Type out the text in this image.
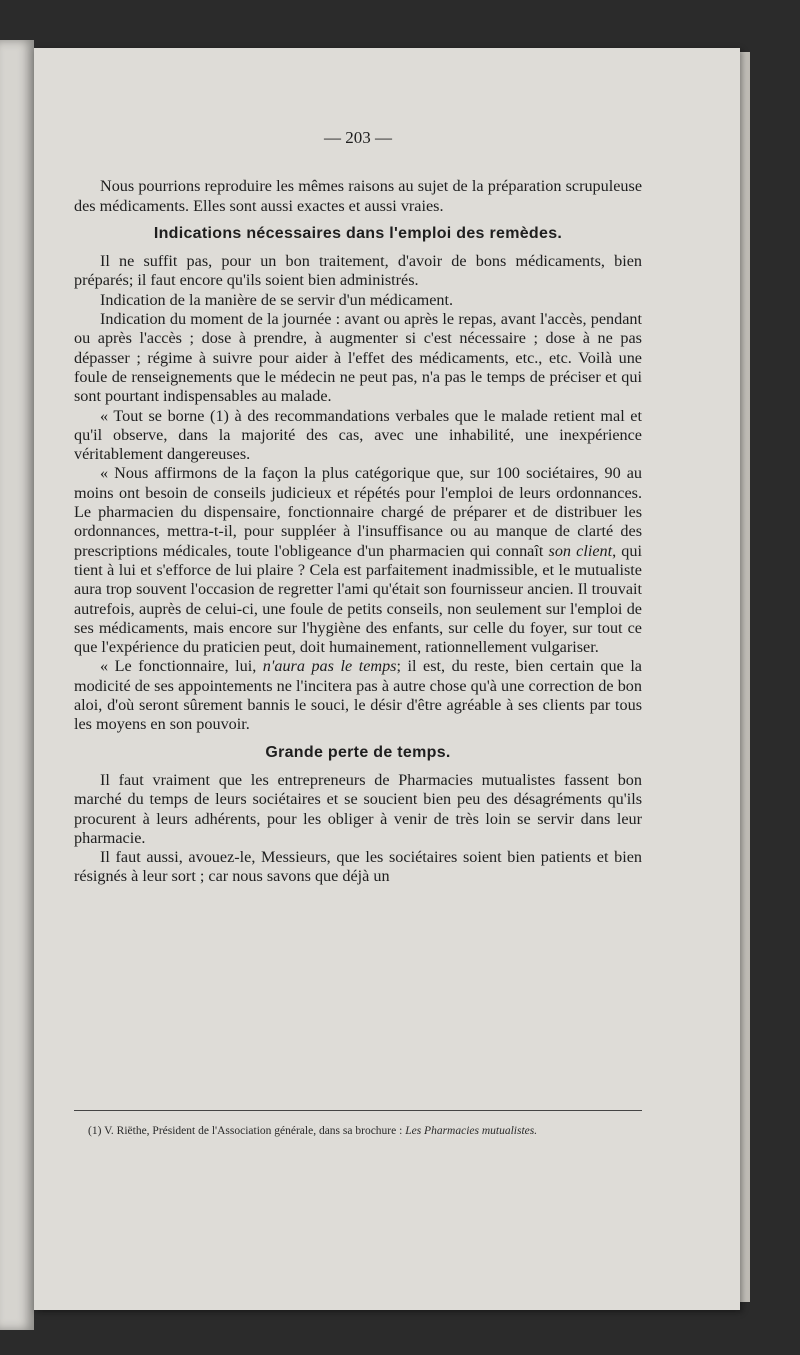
— 203 —

Nous pourrions reproduire les mêmes raisons au sujet de la préparation scrupuleuse des médicaments. Elles sont aussi exactes et aussi vraies.

Indications nécessaires dans l'emploi des remèdes.

Il ne suffit pas, pour un bon traitement, d'avoir de bons médicaments, bien préparés; il faut encore qu'ils soient bien administrés.

Indication de la manière de se servir d'un médicament.

Indication du moment de la journée : avant ou après le repas, avant l'accès, pendant ou après l'accès ; dose à prendre, à augmenter si c'est nécessaire ; dose à ne pas dépasser ; régime à suivre pour aider à l'effet des médicaments, etc., etc. Voilà une foule de renseignements que le médecin ne peut pas, n'a pas le temps de préciser et qui sont pourtant indispensables au malade.

« Tout se borne (1) à des recommandations verbales que le malade retient mal et qu'il observe, dans la majorité des cas, avec une inhabilité, une inexpérience véritablement dangereuses.

« Nous affirmons de la façon la plus catégorique que, sur 100 sociétaires, 90 au moins ont besoin de conseils judicieux et répétés pour l'emploi de leurs ordonnances. Le pharmacien du dispensaire, fonctionnaire chargé de préparer et de distribuer les ordonnances, mettra-t-il, pour suppléer à l'insuffisance ou au manque de clarté des prescriptions médicales, toute l'obligeance d'un pharmacien qui connaît son client, qui tient à lui et s'efforce de lui plaire ? Cela est parfaitement inadmissible, et le mutualiste aura trop souvent l'occasion de regretter l'ami qu'était son fournisseur ancien. Il trouvait autrefois, auprès de celui-ci, une foule de petits conseils, non seulement sur l'emploi de ses médicaments, mais encore sur l'hygiène des enfants, sur celle du foyer, sur tout ce que l'expérience du praticien peut, doit humainement, rationnellement vulgariser.

« Le fonctionnaire, lui, n'aura pas le temps; il est, du reste, bien certain que la modicité de ses appointements ne l'incitera pas à autre chose qu'à une correction de bon aloi, d'où seront sûrement bannis le souci, le désir d'être agréable à ses clients par tous les moyens en son pouvoir.

Grande perte de temps.

Il faut vraiment que les entrepreneurs de Pharmacies mutualistes fassent bon marché du temps de leurs sociétaires et se soucient bien peu des désagréments qu'ils procurent à leurs adhérents, pour les obliger à venir de très loin se servir dans leur pharmacie.

Il faut aussi, avouez-le, Messieurs, que les sociétaires soient bien patients et bien résignés à leur sort ; car nous savons que déjà un

(1) V. Riëthe, Président de l'Association générale, dans sa brochure : Les Pharmacies mutualistes.
